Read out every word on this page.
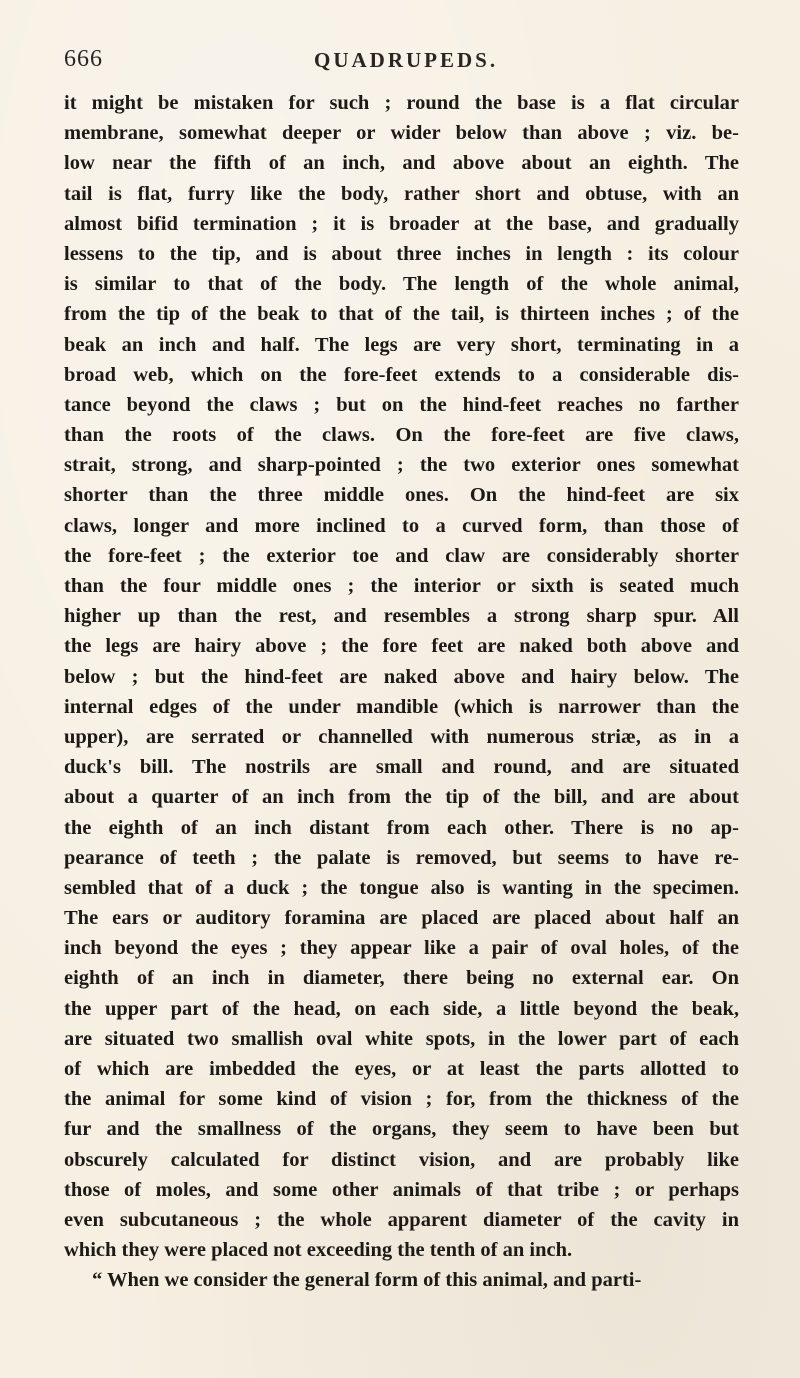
666	QUADRUPEDS.
it might be mistaken for such ; round the base is a flat circular
membrane, somewhat deeper or wider below than above ; viz. be-
low near the fifth of an inch, and above about an eighth. The
tail is flat, furry like the body, rather short and obtuse, with an
almost bifid termination ; it is broader at the base, and gradually
lessens to the tip, and is about three inches in length : its colour
is similar to that of the body. The length of the whole animal,
from the tip of the beak to that of the tail, is thirteen inches ; of the
beak an inch and half. The legs are very short, terminating in a
broad web, which on the fore-feet extends to a considerable dis-
tance beyond the claws ; but on the hind-feet reaches no farther
than the roots of the claws. On the fore-feet are five claws,
strait, strong, and sharp-pointed ; the two exterior ones somewhat
shorter than the three middle ones. On the hind-feet are six
claws, longer and more inclined to a curved form, than those of
the fore-feet ; the exterior toe and claw are considerably shorter
than the four middle ones ; the interior or sixth is seated much
higher up than the rest, and resembles a strong sharp spur. All
the legs are hairy above ; the fore feet are naked both above and
below ; but the hind-feet are naked above and hairy below. The
internal edges of the under mandible (which is narrower than the
upper), are serrated or channelled with numerous striæ, as in a
duck's bill. The nostrils are small and round, and are situated
about a quarter of an inch from the tip of the bill, and are about
the eighth of an inch distant from each other. There is no ap-
pearance of teeth ; the palate is removed, but seems to have re-
sembled that of a duck ; the tongue also is wanting in the specimen.
The ears or auditory foramina are placed are placed about half an
inch beyond the eyes ; they appear like a pair of oval holes, of the
eighth of an inch in diameter, there being no external ear. On
the upper part of the head, on each side, a little beyond the beak,
are situated two smallish oval white spots, in the lower part of each
of which are imbedded the eyes, or at least the parts allotted to
the animal for some kind of vision ; for, from the thickness of the
fur and the smallness of the organs, they seem to have been but
obscurely calculated for distinct vision, and are probably like
those of moles, and some other animals of that tribe ; or perhaps
even subcutaneous ; the whole apparent diameter of the cavity in
which they were placed not exceeding the tenth of an inch.
“ When we consider the general form of this animal, and parti-
